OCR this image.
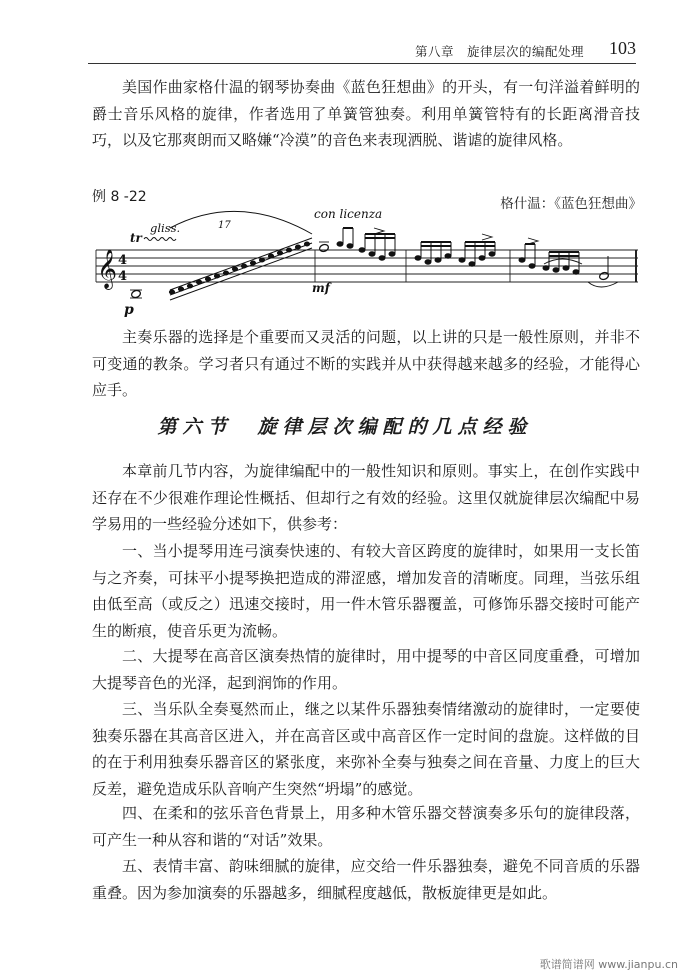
第八章　旋律层次的编配处理 103

美国作曲家格什温的钢琴协奏曲《蓝色狂想曲》的开头，有一句洋溢着鲜明的爵士音乐风格的旋律，作者选用了单簧管独奏。利用单簧管特有的长距离滑音技巧，以及它那爽朗而又略嫌“冷漠”的音色来表现洒脱、谐谑的旋律风格。

例 8 -22	格什温：《蓝色狂想曲》
𝄞 4
4
tr
p
gliss.	17
mf
con licenza

主奏乐器的选择是个重要而又灵活的问题，以上讲的只是一般性原则，并非不可变通的教条。学习者只有通过不断的实践并从中获得越来越多的经验，才能得心应手。

第六节　旋律层次编配的几点经验

本章前几节内容，为旋律编配中的一般性知识和原则。事实上，在创作实践中还存在不少很难作理论性概括、但却行之有效的经验。这里仅就旋律层次编配中易学易用的一些经验分述如下，供参考：

一、当小提琴用连弓演奏快速的、有较大音区跨度的旋律时，如果用一支长笛与之齐奏，可抹平小提琴换把造成的滞涩感，增加发音的清晰度。同理，当弦乐组由低至高（或反之）迅速交接时，用一件木管乐器覆盖，可修饰乐器交接时可能产生的断痕，使音乐更为流畅。

二、大提琴在高音区演奏热情的旋律时，用中提琴的中音区同度重叠，可增加大提琴音色的光泽，起到润饰的作用。

三、当乐队全奏戛然而止，继之以某件乐器独奏情绪激动的旋律时，一定要使独奏乐器在其高音区进入，并在高音区或中高音区作一定时间的盘旋。这样做的目的在于利用独奏乐器音区的紧张度，来弥补全奏与独奏之间在音量、力度上的巨大反差，避免造成乐队音响产生突然“坍塌”的感觉。

四、在柔和的弦乐音色背景上，用多种木管乐器交替演奏多乐句的旋律段落，可产生一种从容和谐的“对话”效果。

五、表情丰富、韵味细腻的旋律，应交给一件乐器独奏，避免不同音质的乐器重叠。因为参加演奏的乐器越多，细腻程度越低，散板旋律更是如此。

歌谱简谱网 www.jianpu.cn
